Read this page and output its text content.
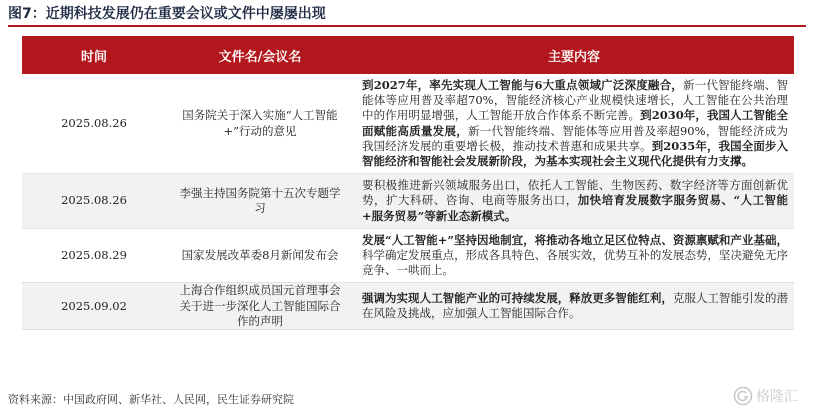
图7：近期科技发展仍在重要会议或文件中屡屡出现
时间	文件名/会议名	主要内容
2025.08.26	国务院关于深入实施“人工智能+”行动的意见	到2027年，率先实现人工智能与6大重点领域广泛深度融合，新一代智能终端、智能体等应用普及率超70%，智能经济核心产业规模快速增长，人工智能在公共治理中的作用明显增强，人工智能开放合作体系不断完善。到2030年，我国人工智能全面赋能高质量发展，新一代智能终端、智能体等应用普及率超90%，智能经济成为我国经济发展的重要增长极，推动技术普惠和成果共享。到2035年，我国全面步入智能经济和智能社会发展新阶段，为基本实现社会主义现代化提供有力支撑。
2025.08.26	李强主持国务院第十五次专题学习	要积极推进新兴领域服务出口，依托人工智能、生物医药、数字经济等方面创新优势，扩大科研、咨询、电商等服务出口，加快培育发展数字服务贸易、“人工智能+服务贸易”等新业态新模式。
2025.08.29	国家发展改革委8月新闻发布会	发展“人工智能+”坚持因地制宜，将推动各地立足区位特点、资源禀赋和产业基础，科学确定发展重点，形成各具特色、各展实效，优势互补的发展态势，坚决避免无序竞争、一哄而上。
2025.09.02	上海合作组织成员国元首理事会关于进一步深化人工智能国际合作的声明	强调为实现人工智能产业的可持续发展，释放更多智能红利，克服人工智能引发的潜在风险及挑战，应加强人工智能国际合作。
资料来源：中国政府网、新华社、人民网，民生证券研究院	格隆汇
